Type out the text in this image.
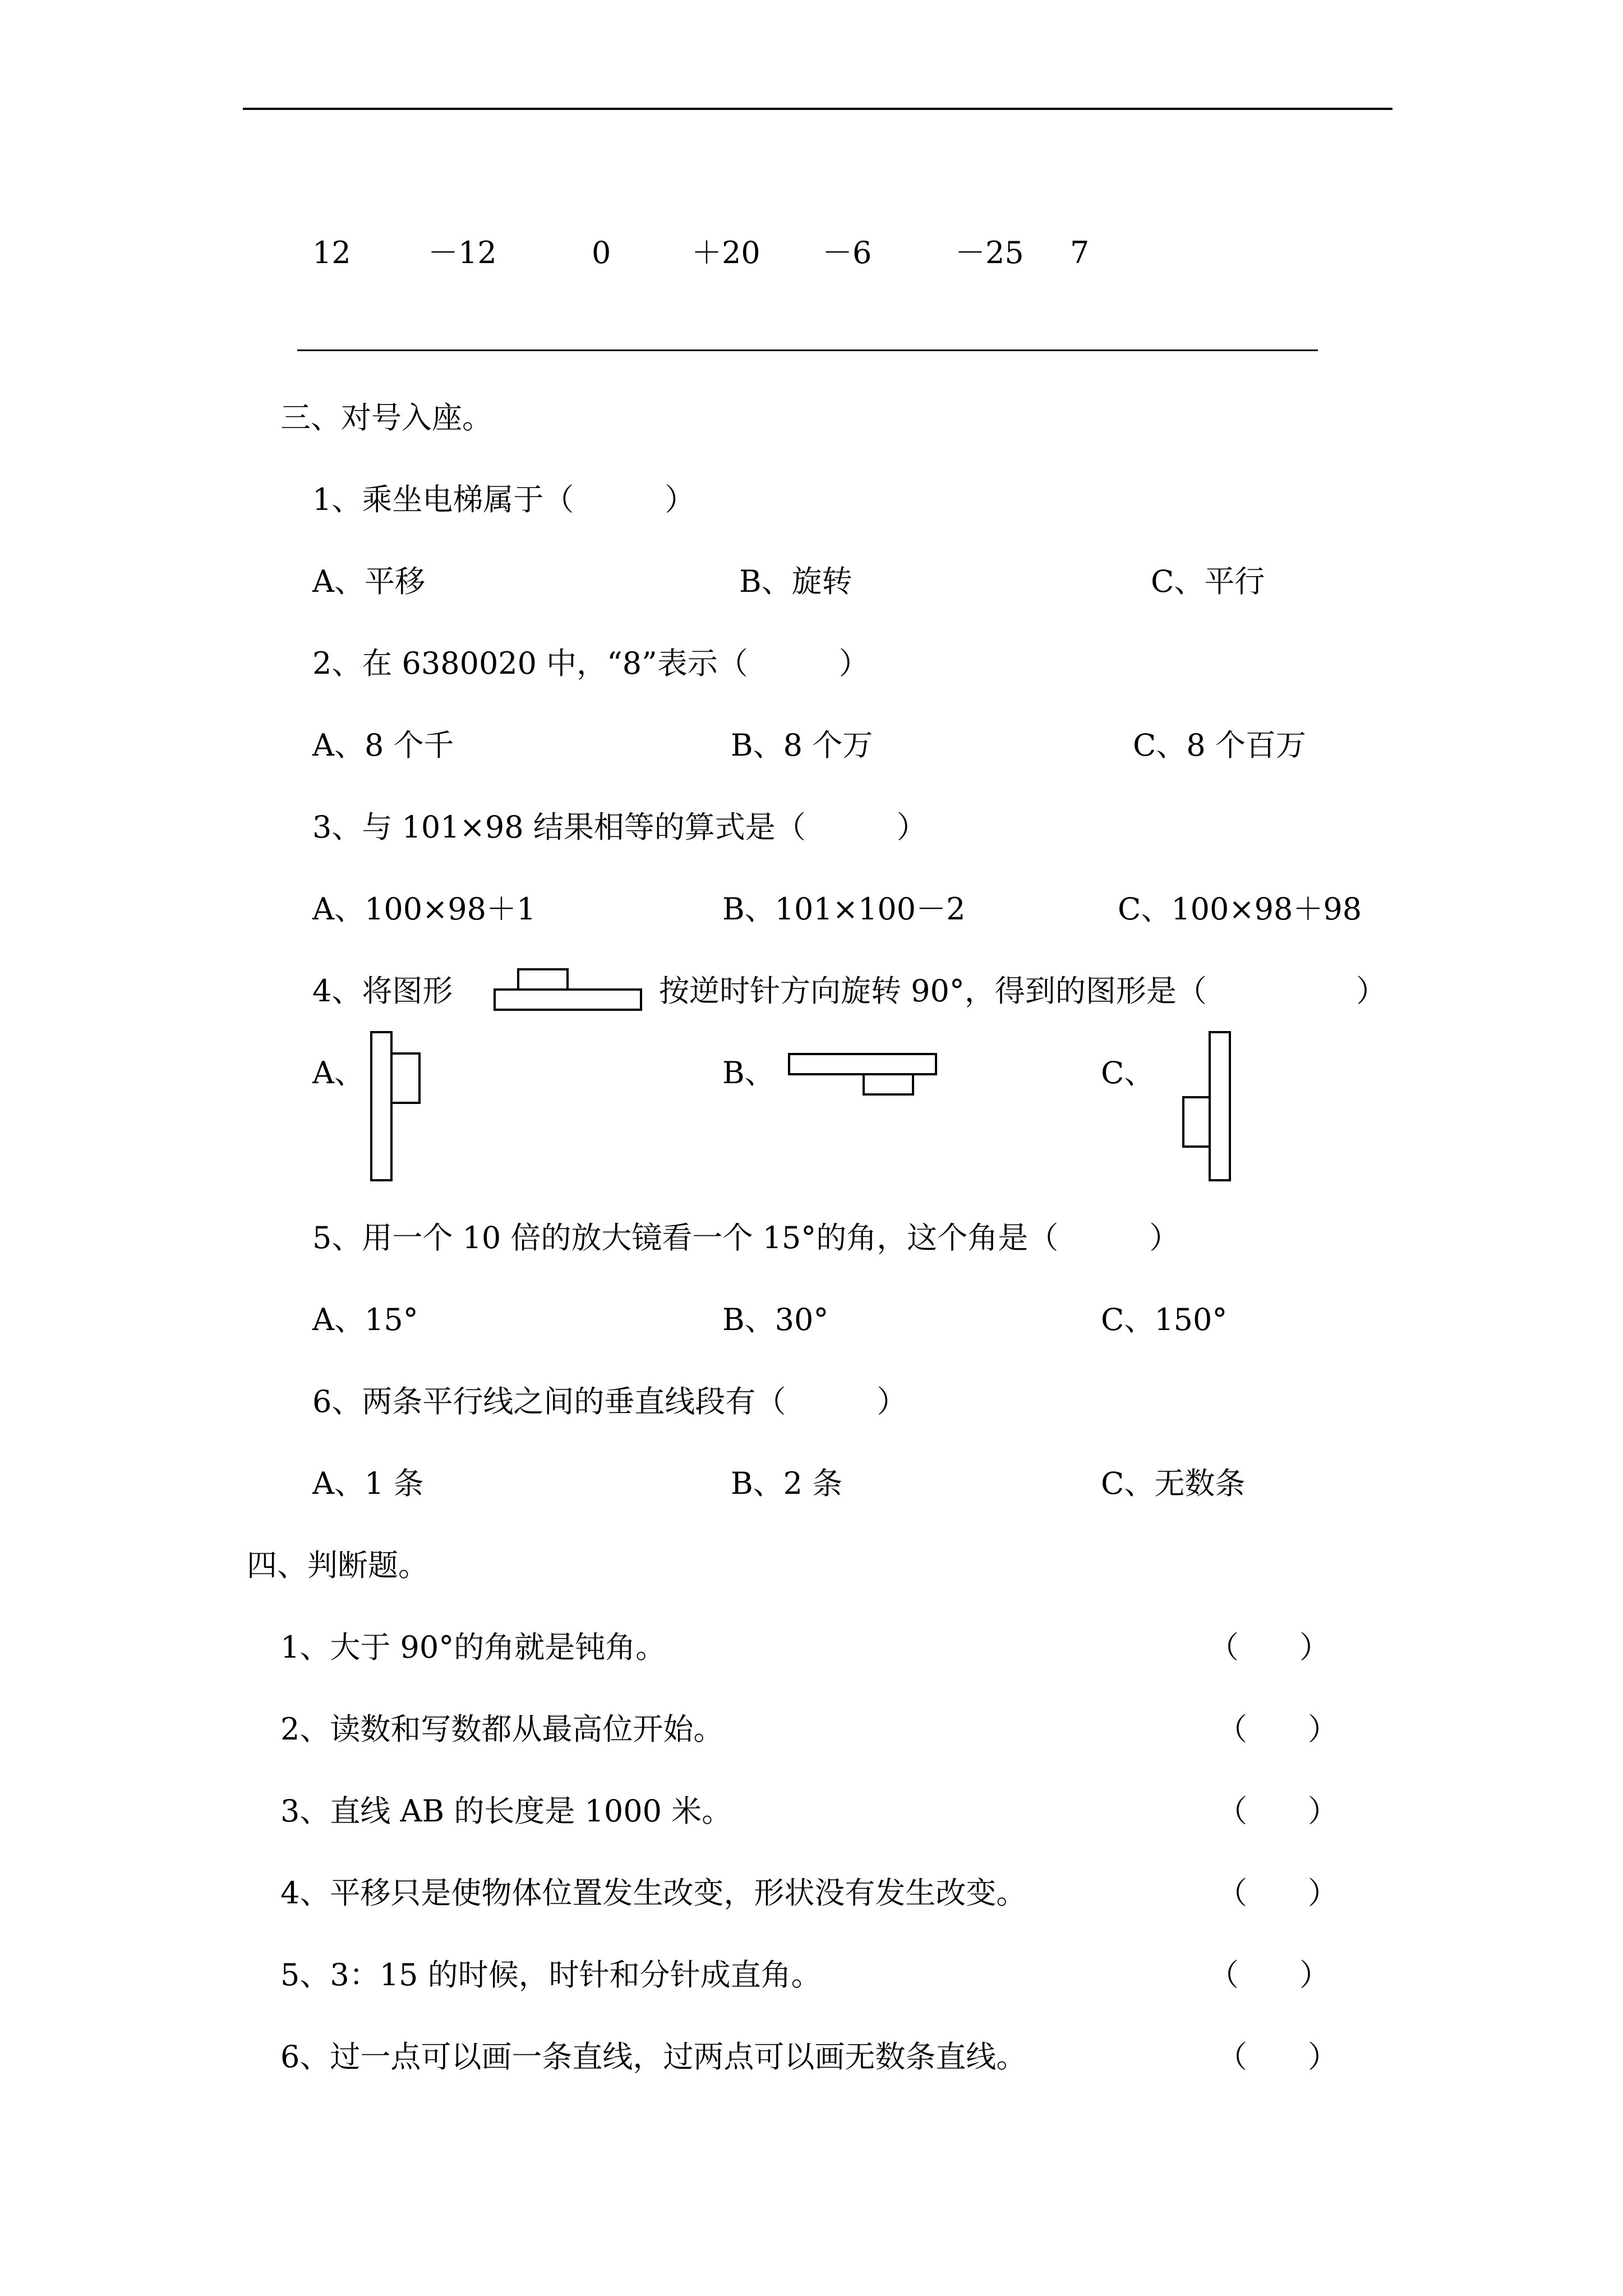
12	－12	0	＋20 －6	－25 7
三、对号入座。
1、乘坐电梯属于（　　　）
A、平移	B、旋转	C、平行
2、在 6380020 中，“8”表示（　　　）
A、8 个千	B、8 个万	C、8 个百万
3、与 101×98 结果相等的算式是（　　　）
A、100×98＋1	B、101×100－2	C、100×98＋98
4、将图形	按逆时针方向旋转 90°，得到的图形是（	）
A、	B、	C、
5、用一个 10 倍的放大镜看一个 15°的角，这个角是（　　　）
A、15°	B、30°	C、150°
6、两条平行线之间的垂直线段有（　　　）
A、1 条	B、2 条	C、无数条
四、判断题。
1、大于 90°的角就是钝角。	（　　）
2、读数和写数都从最高位开始。	（　　）
3、直线 AB 的长度是 1000 米。	（　　）
4、平移只是使物体位置发生改变，形状没有发生改变。	（　　）
5、3：15 的时候，时针和分针成直角。	（　　）
6、过一点可以画一条直线，过两点可以画无数条直线。	（　　）
